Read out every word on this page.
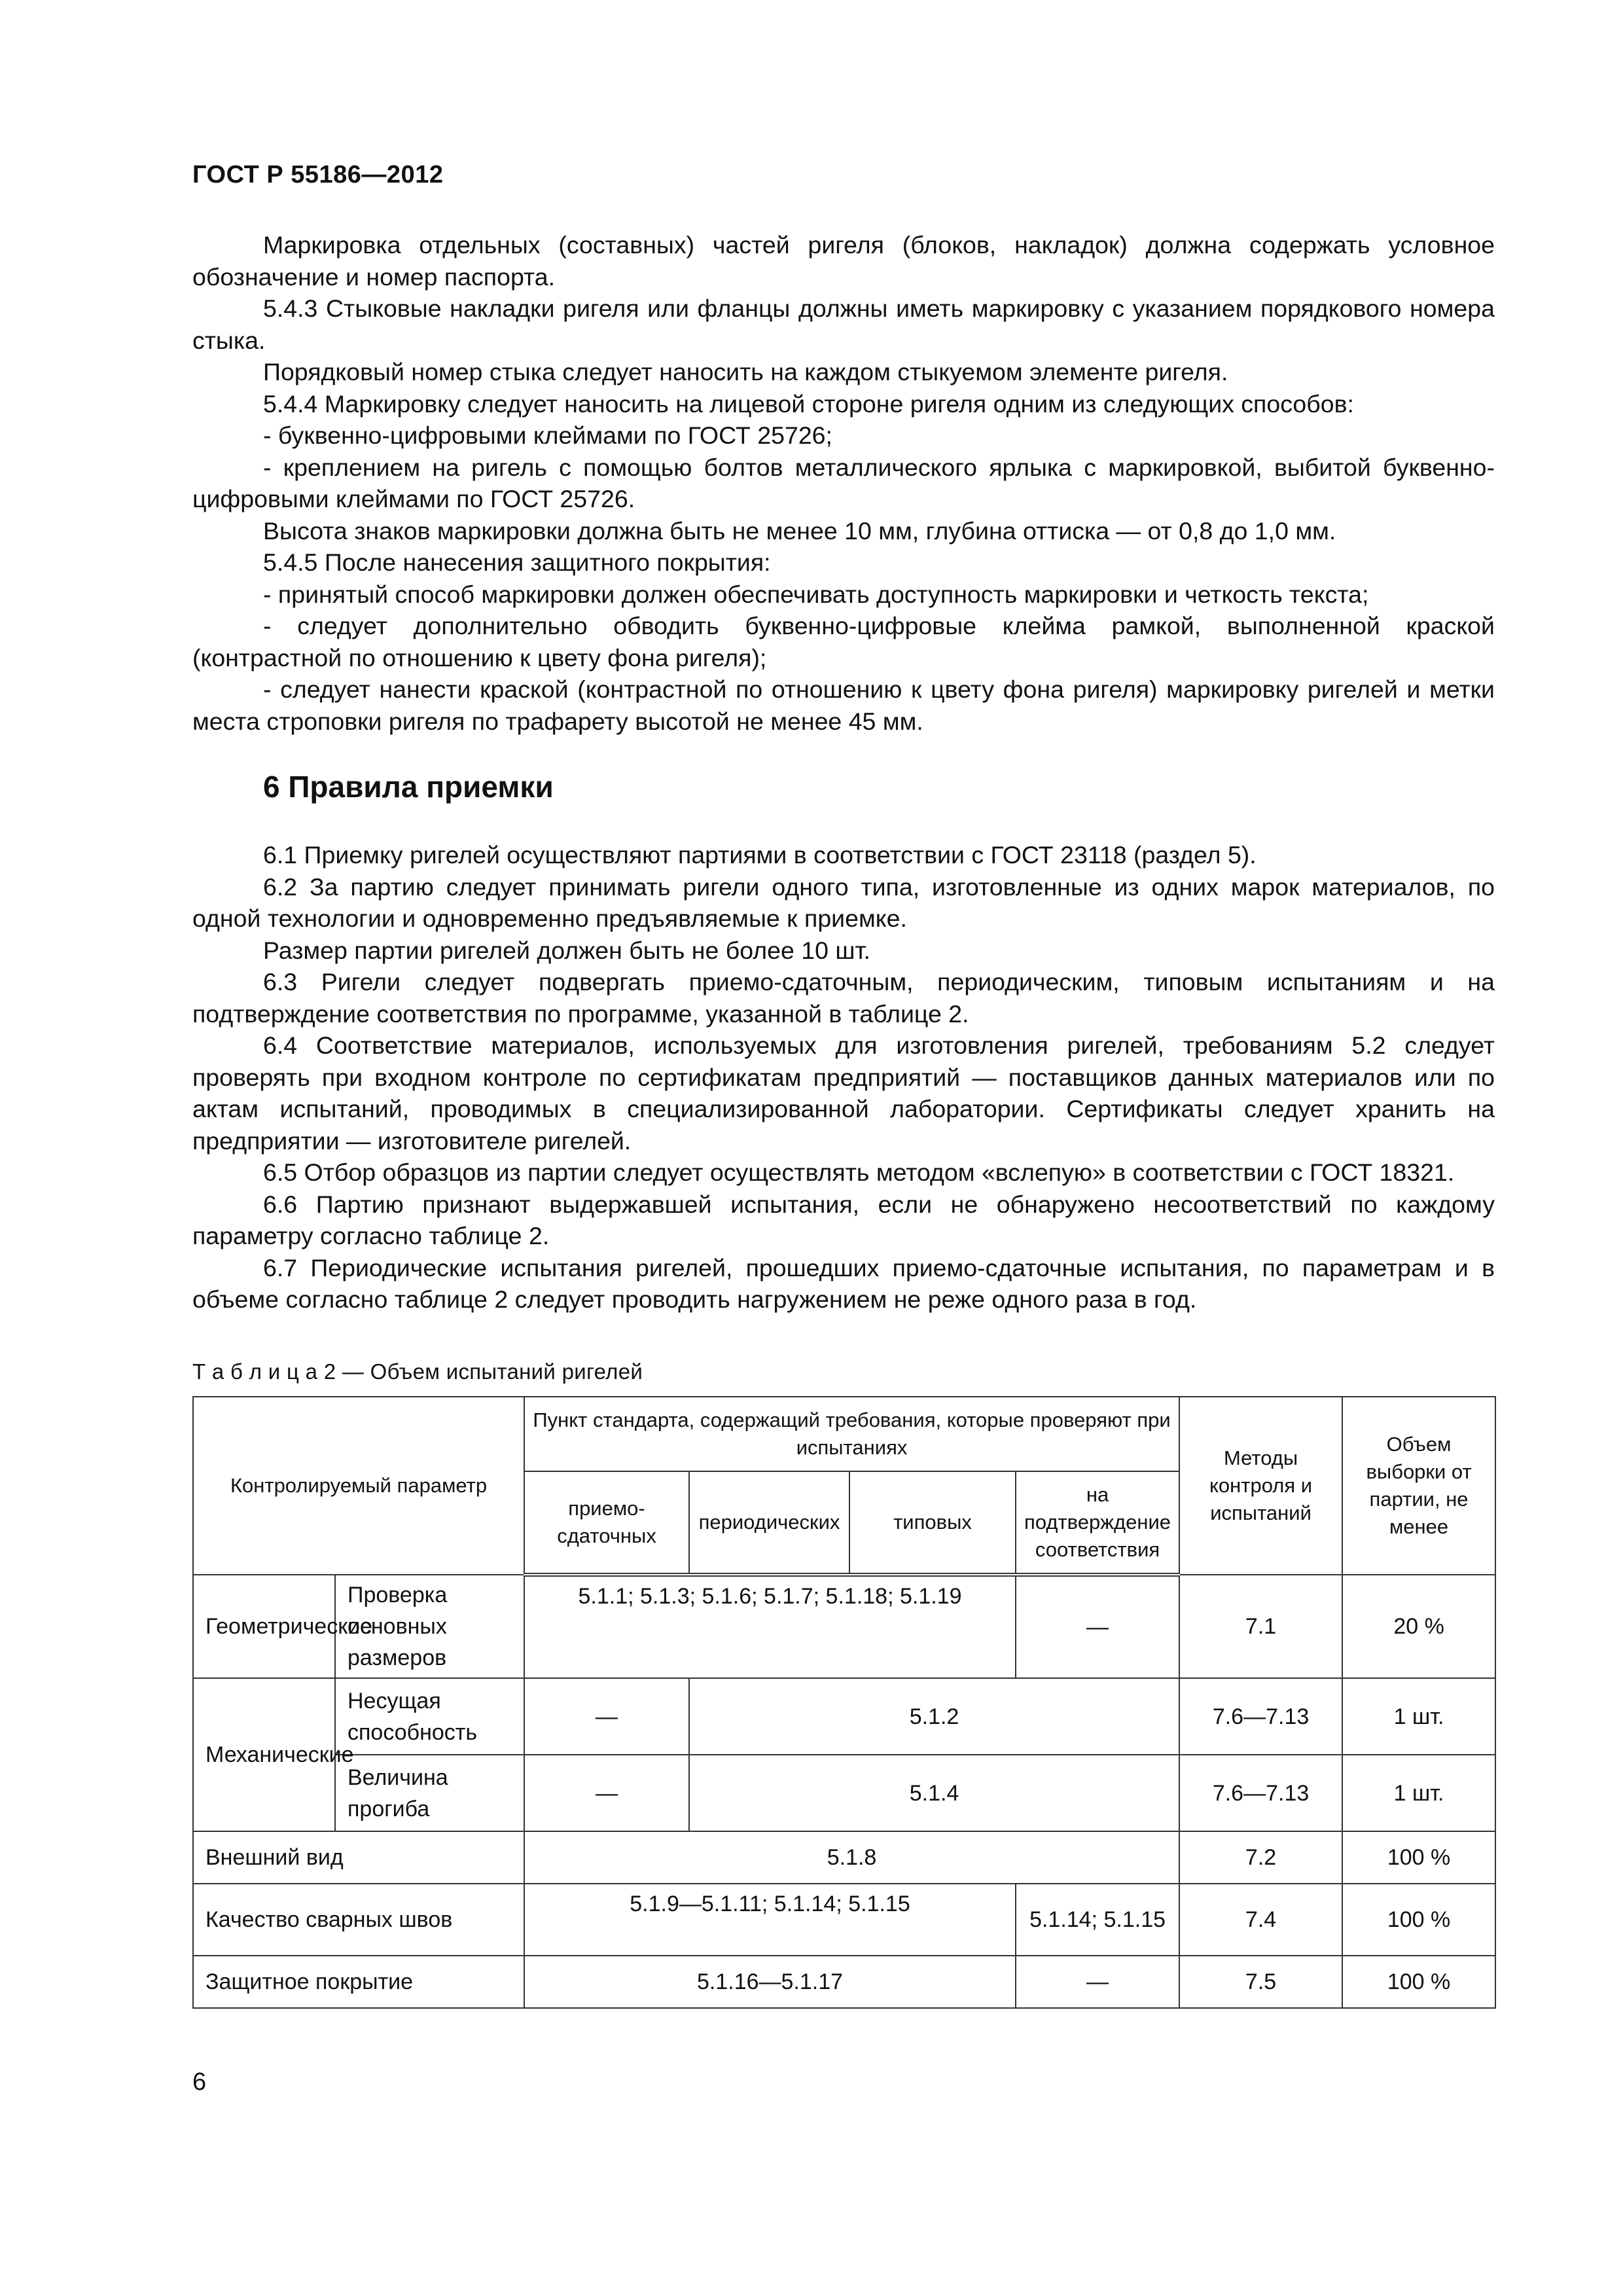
ГОСТ Р 55186—2012

Маркировка отдельных (составных) частей ригеля (блоков, накладок) должна содержать условное обозначение и номер паспорта.

5.4.3 Стыковые накладки ригеля или фланцы должны иметь маркировку с указанием порядкового номера стыка.

Порядковый номер стыка следует наносить на каждом стыкуемом элементе ригеля.

5.4.4 Маркировку следует наносить на лицевой стороне ригеля одним из следующих способов:

- буквенно-цифровыми клеймами по ГОСТ 25726;

- креплением на ригель с помощью болтов металлического ярлыка с маркировкой, выбитой буквенно-цифровыми клеймами по ГОСТ 25726.

Высота знаков маркировки должна быть не менее 10 мм, глубина оттиска — от 0,8 до 1,0 мм.

5.4.5 После нанесения защитного покрытия:

- принятый способ маркировки должен обеспечивать доступность маркировки и четкость текста;

- следует дополнительно обводить буквенно-цифровые клейма рамкой, выполненной краской (контрастной по отношению к цвету фона ригеля);

- следует нанести краской (контрастной по отношению к цвету фона ригеля) маркировку ригелей и метки места строповки ригеля по трафарету высотой не менее 45 мм.

6 Правила приемки

6.1 Приемку ригелей осуществляют партиями в соответствии с ГОСТ 23118 (раздел 5).

6.2 За партию следует принимать ригели одного типа, изготовленные из одних марок материалов, по одной технологии и одновременно предъявляемые к приемке.

Размер партии ригелей должен быть не более 10 шт.

6.3 Ригели следует подвергать приемо-сдаточным, периодическим, типовым испытаниям и на подтверждение соответствия по программе, указанной в таблице 2.

6.4 Соответствие материалов, используемых для изготовления ригелей, требованиям 5.2 следует проверять при входном контроле по сертификатам предприятий — поставщиков данных материалов или по актам испытаний, проводимых в специализированной лаборатории. Сертификаты следует хранить на предприятии — изготовителе ригелей.

6.5 Отбор образцов из партии следует осуществлять методом «вслепую» в соответствии с ГОСТ 18321.

6.6 Партию признают выдержавшей испытания, если не обнаружено несоответствий по каждому параметру согласно таблице 2.

6.7 Периодические испытания ригелей, прошедших приемо-сдаточные испытания, по параметрам и в объеме согласно таблице 2 следует проводить нагружением не реже одного раза в год.

Т а б л и ц а 2 — Объем испытаний ригелей
Контролируемый параметр		Пункт стандарта, содержащий требования, которые проверяют при испытаниях				Методы контроля и испытаний	Объем выборки от партии, не менее
		приемо-сдаточных	периодических	типовых	на подтверждение соответствия		
Геометрические	Проверка основных размеров	5.1.1; 5.1.3; 5.1.6; 5.1.7; 5.1.18; 5.1.19			—	7.1	20 %
Механические	Несущая способность	—	5.1.2			7.6—7.13	1 шт.
	Величина прогиба	—	5.1.4			7.6—7.13	1 шт.
Внешний вид		5.1.8				7.2	100 %
Качество сварных швов		5.1.9—5.1.11; 5.1.14; 5.1.15			5.1.14; 5.1.15	7.4	100 %
Защитное покрытие		5.1.16—5.1.17			—	7.5	100 %
6
